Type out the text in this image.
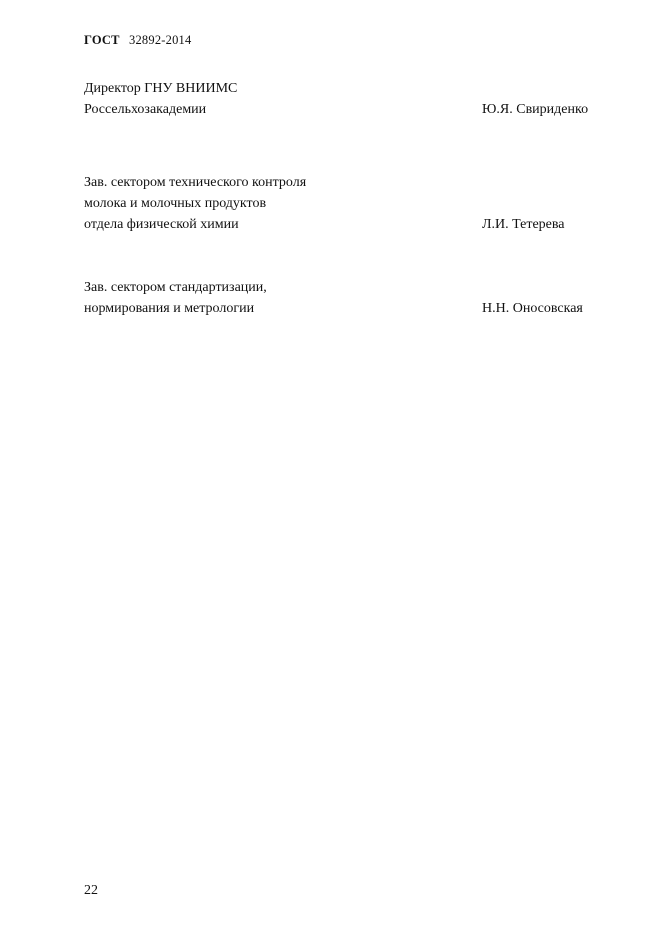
ГОСТ 32892-2014
Директор ГНУ ВНИИМС
Россельхозакадемии	Ю.Я. Свириденко
Зав. сектором технического контроля
молока и молочных продуктов
отдела физической химии	Л.И. Тетерева
Зав. сектором стандартизации,
нормирования и метрологии	Н.Н. Оносовская
22
